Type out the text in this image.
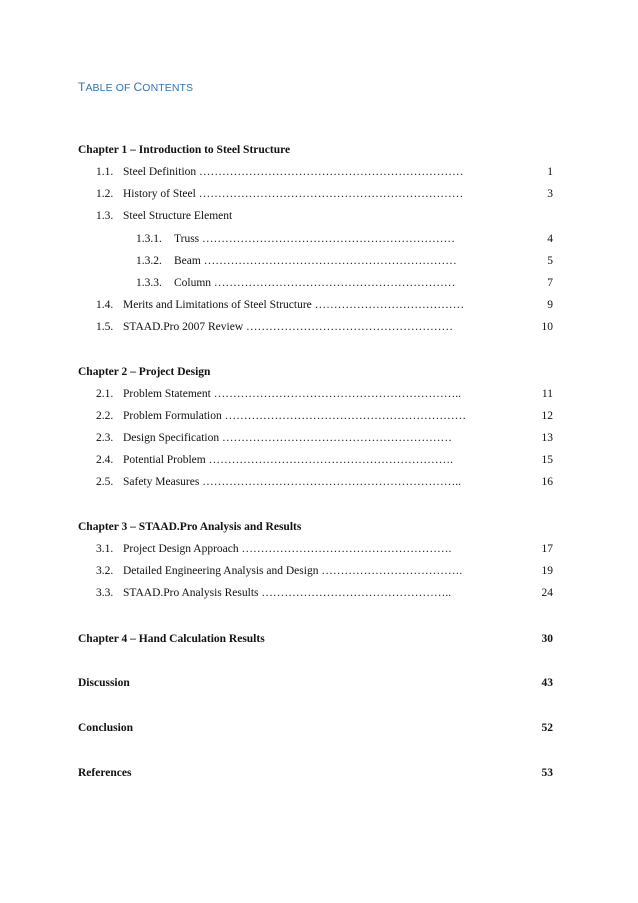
TABLE OF CONTENTS
Chapter 1 – Introduction to Steel Structure
1.1. Steel Definition ……………………………………………………………	1
1.2. History of Steel ……………………………………………………………	3
1.3. Steel Structure Element
1.3.1. Truss …………………………………………………………	4
1.3.2. Beam …………………………………………………………	5
1.3.3. Column ………………………………………………………	7
1.4. Merits and Limitations of Steel Structure …………………………………	9
1.5. STAAD.Pro 2007 Review ………………………………………………	10
Chapter 2 – Project Design
2.1. Problem Statement ………………………………………………………..	11
2.2. Problem Formulation ………………………………………………………	12
2.3. Design Specification ……………………………………………………	13
2.4. Potential Problem ……………………………………………………….	15
2.5. Safety Measures …………………………………………………………..	16
Chapter 3 – STAAD.Pro Analysis and Results
3.1. Project Design Approach ……………………………………………….	17
3.2. Detailed Engineering Analysis and Design ……………………………….	19
3.3. STAAD.Pro Analysis Results …………………………………………..	24
Chapter 4 – Hand Calculation Results	30
Discussion	43
Conclusion	52
References	53
